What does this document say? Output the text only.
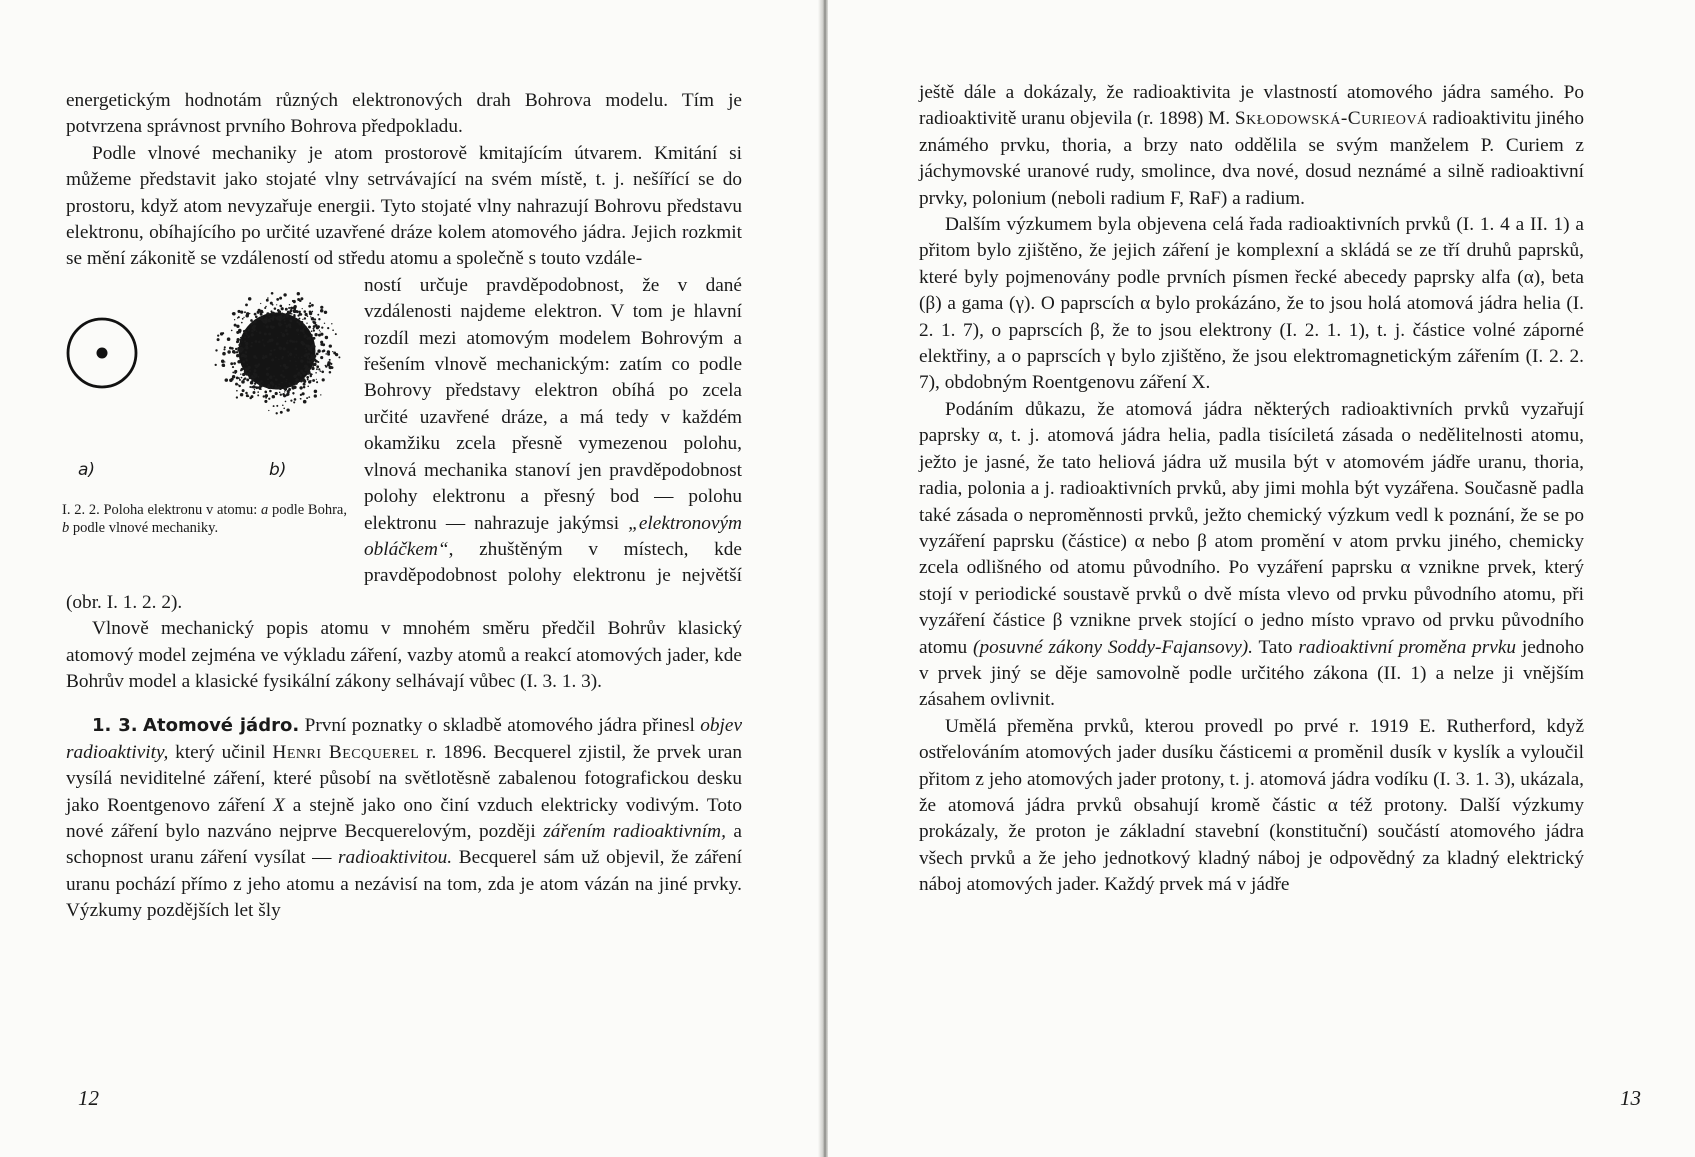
energetickým hodnotám různých elektronových drah Bohrova modelu. Tím je potvrzena správnost prvního Bohrova předpokladu.

Podle vlnové mechaniky je atom prostorově kmitajícím útvarem. Kmitání si můžeme představit jako stojaté vlny setrvávající na svém místě, t. j. nešířící se do prostoru, když atom nevyzařuje energii. Tyto stojaté vlny nahrazují Bohrovu představu elektronu, obíhajícího po určité uzavřené dráze kolem atomového jádra. Jejich rozkmit se mění zákonitě se vzdáleností od středu atomu a společně s touto vzdále-

a)	b)
I. 2. 2. Poloha elektronu v atomu: a podle Bohra, b podle vlnové mechaniky.

ností určuje pravděpodobnost, že v dané vzdálenosti najdeme elektron. V tom je hlavní rozdíl mezi atomovým modelem Bohrovým a řešením vlnově mechanickým: zatím co podle Bohrovy představy elektron obíhá po zcela určité uzavřené dráze, a má tedy v každém okamžiku zcela přesně vymezenou polohu, vlnová mechanika stanoví jen pravděpodobnost polohy elektronu a přesný bod — polohu elektronu — nahrazuje jakýmsi „elektronovým obláčkem“, zhuštěným v místech, kde pravděpodobnost polohy elektronu je největší (obr. I. 1. 2. 2).

Vlnově mechanický popis atomu v mnohém směru předčil Bohrův klasický atomový model zejména ve výkladu záření, vazby atomů a reakcí atomových jader, kde Bohrův model a klasické fysikální zákony selhávají vůbec (I. 3. 1. 3).

1. 3. Atomové jádro. První poznatky o skladbě atomového jádra přinesl objev radioaktivity, který učinil Henri Becquerel r. 1896. Becquerel zjistil, že prvek uran vysílá neviditelné záření, které působí na světlotěsně zabalenou fotografickou desku jako Roentgenovo záření X a stejně jako ono činí vzduch elektricky vodivým. Toto nové záření bylo nazváno nejprve Becquerelovým, později zářením radioaktivním, a schopnost uranu záření vysílat — radioaktivitou. Becquerel sám už objevil, že záření uranu pochází přímo z jeho atomu a nezávisí na tom, zda je atom vázán na jiné prvky. Výzkumy pozdějších let šly

12

ještě dále a dokázaly, že radioaktivita je vlastností atomového jádra samého. Po radioaktivitě uranu objevila (r. 1898) M. Skłodowská-Curieová radioaktivitu jiného známého prvku, thoria, a brzy nato oddělila se svým manželem P. Curiem z jáchymovské uranové rudy, smolince, dva nové, dosud neznámé a silně radioaktivní prvky, polonium (neboli radium F, RaF) a radium.

Dalším výzkumem byla objevena celá řada radioaktivních prvků (I. 1. 4 a II. 1) a přitom bylo zjištěno, že jejich záření je komplexní a skládá se ze tří druhů paprsků, které byly pojmenovány podle prvních písmen řecké abecedy paprsky alfa (α), beta (β) a gama (γ). O paprscích α bylo prokázáno, že to jsou holá atomová jádra helia (I. 2. 1. 7), o paprscích β, že to jsou elektrony (I. 2. 1. 1), t. j. částice volné záporné elektřiny, a o paprscích γ bylo zjištěno, že jsou elektromagnetickým zářením (I. 2. 2. 7), obdobným Roentgenovu záření X.

Podáním důkazu, že atomová jádra některých radioaktivních prvků vyzařují paprsky α, t. j. atomová jádra helia, padla tisíciletá zásada o nedělitelnosti atomu, ježto je jasné, že tato heliová jádra už musila být v atomovém jádře uranu, thoria, radia, polonia a j. radioaktivních prvků, aby jimi mohla být vyzářena. Současně padla také zásada o neproměnnosti prvků, ježto chemický výzkum vedl k poznání, že se po vyzáření paprsku (částice) α nebo β atom promění v atom prvku jiného, chemicky zcela odlišného od atomu původního. Po vyzáření paprsku α vznikne prvek, který stojí v periodické soustavě prvků o dvě místa vlevo od prvku původního atomu, při vyzáření částice β vznikne prvek stojící o jedno místo vpravo od prvku původního atomu (posuvné zákony Soddy-Fajansovy). Tato radioaktivní proměna prvku jednoho v prvek jiný se děje samovolně podle určitého zákona (II. 1) a nelze ji vnějším zásahem ovlivnit.

Umělá přeměna prvků, kterou provedl po prvé r. 1919 E. Rutherford, když ostřelováním atomových jader dusíku částicemi α proměnil dusík v kyslík a vyloučil přitom z jeho atomových jader protony, t. j. atomová jádra vodíku (I. 3. 1. 3), ukázala, že atomová jádra prvků obsahují kromě částic α též protony. Další výzkumy prokázaly, že proton je základní stavební (konstituční) součástí atomového jádra všech prvků a že jeho jednotkový kladný náboj je odpovědný za kladný elektrický náboj atomových jader. Každý prvek má v jádře

13
